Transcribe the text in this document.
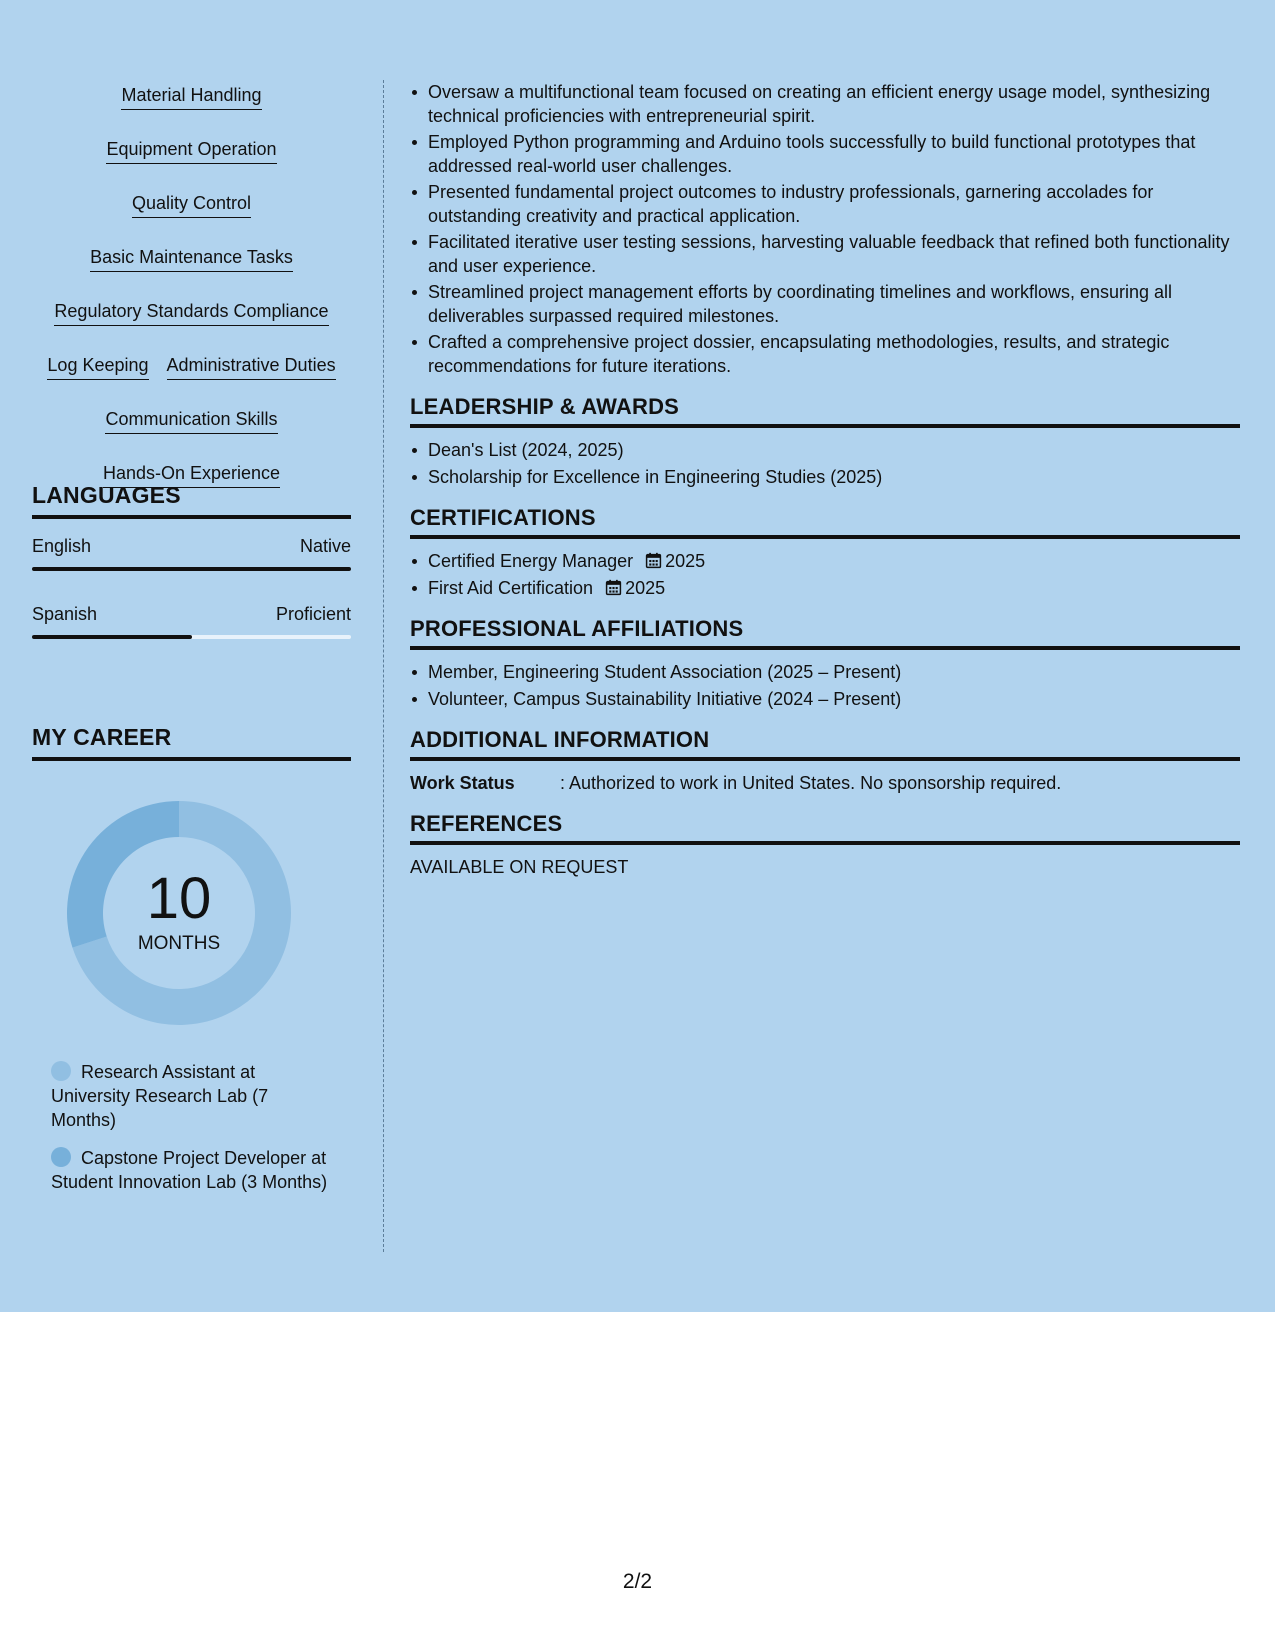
Material Handling
Equipment Operation
Quality Control
Basic Maintenance Tasks
Regulatory Standards Compliance
Log Keeping Administrative Duties
Communication Skills
Hands-On Experience
LANGUAGES
English	Native
Spanish	Proficient
MY CAREER
10
MONTHS
Research Assistant at University Research Lab (7 Months)
Capstone Project Developer at Student Innovation Lab (3 Months)
Oversaw a multifunctional team focused on creating an efficient energy usage model, synthesizing technical proficiencies with entrepreneurial spirit.
Employed Python programming and Arduino tools successfully to build functional prototypes that addressed real-world user challenges.
Presented fundamental project outcomes to industry professionals, garnering accolades for outstanding creativity and practical application.
Facilitated iterative user testing sessions, harvesting valuable feedback that refined both functionality and user experience.
Streamlined project management efforts by coordinating timelines and workflows, ensuring all deliverables surpassed required milestones.
Crafted a comprehensive project dossier, encapsulating methodologies, results, and strategic recommendations for future iterations.
LEADERSHIP & AWARDS
Dean's List (2024, 2025)
Scholarship for Excellence in Engineering Studies (2025)
CERTIFICATIONS
Certified Energy Manager 2025
First Aid Certification 2025
PROFESSIONAL AFFILIATIONS
Member, Engineering Student Association (2025 – Present)
Volunteer, Campus Sustainability Initiative (2024 – Present)
ADDITIONAL INFORMATION
Work Status	: Authorized to work in United States. No sponsorship required.
REFERENCES
AVAILABLE ON REQUEST
2/2
